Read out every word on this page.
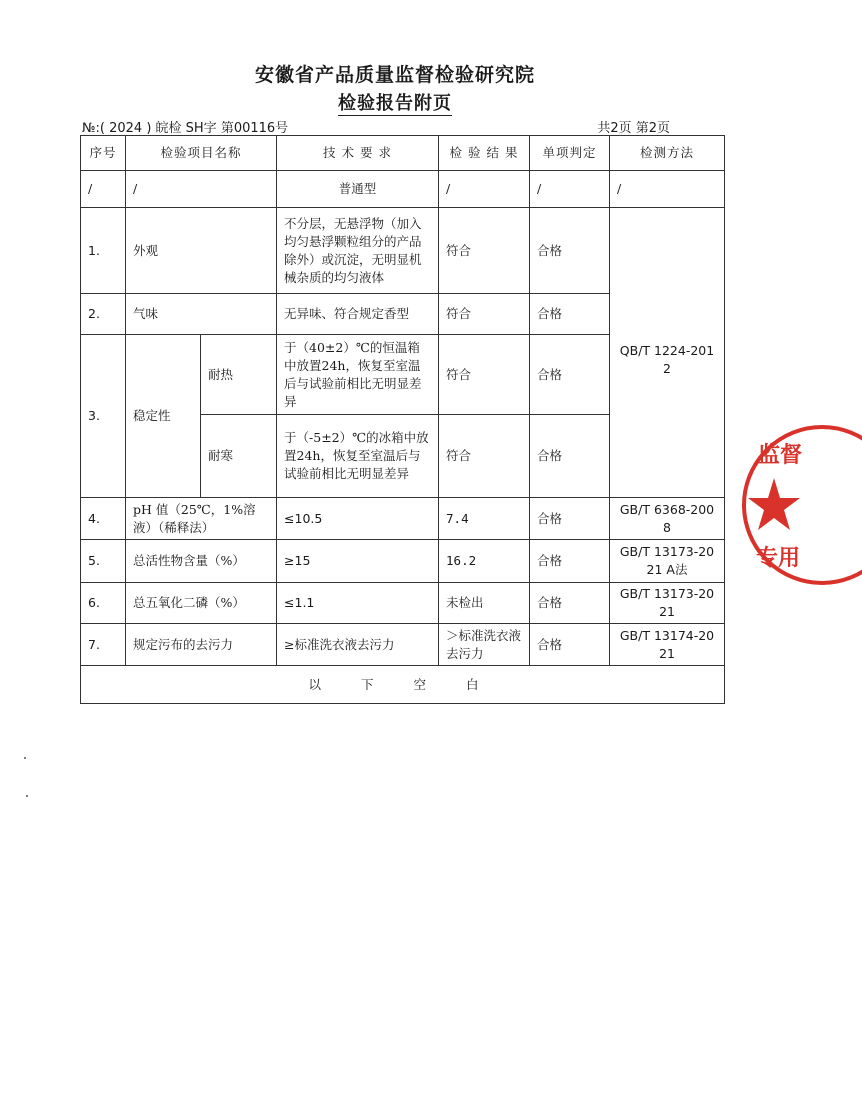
安徽省产品质量监督检验研究院
检验报告附页
№:( 2024 ) 皖检 SH字 第00116号	共2页 第2页
序号	检验项目名称		技 术 要 求	检 验 结 果	单项判定	检测方法
/	/		普通型	/	/	/
1.	外观		不分层，无悬浮物（加入均匀悬浮颗粒组分的产品除外）或沉淀，无明显机械杂质的均匀液体	符合	合格	QB/T 1224-2012
2.	气味		无异味、符合规定香型	符合	合格	
3.	稳定性	耐热	于（40±2）℃的恒温箱中放置24h，恢复至室温后与试验前相比无明显差异	符合	合格	
		耐寒	于（-5±2）℃的冰箱中放置24h，恢复至室温后与试验前相比无明显差异	符合	合格	
4.	pH 值（25℃，1%溶液）（稀释法）		≤10.5	7.4	合格	GB/T 6368-2008
5.	总活性物含量（%）		≥15	16.2	合格	GB/T 13173-2021 A法
6.	总五氧化二磷（%）		≤1.1	未检出	合格	GB/T 13173-2021
7.	规定污布的去污力		≥标准洗衣液去污力	＞标准洗衣液去污力	合格	GB/T 13174-2021
以 下 空 白						
监督
专用
